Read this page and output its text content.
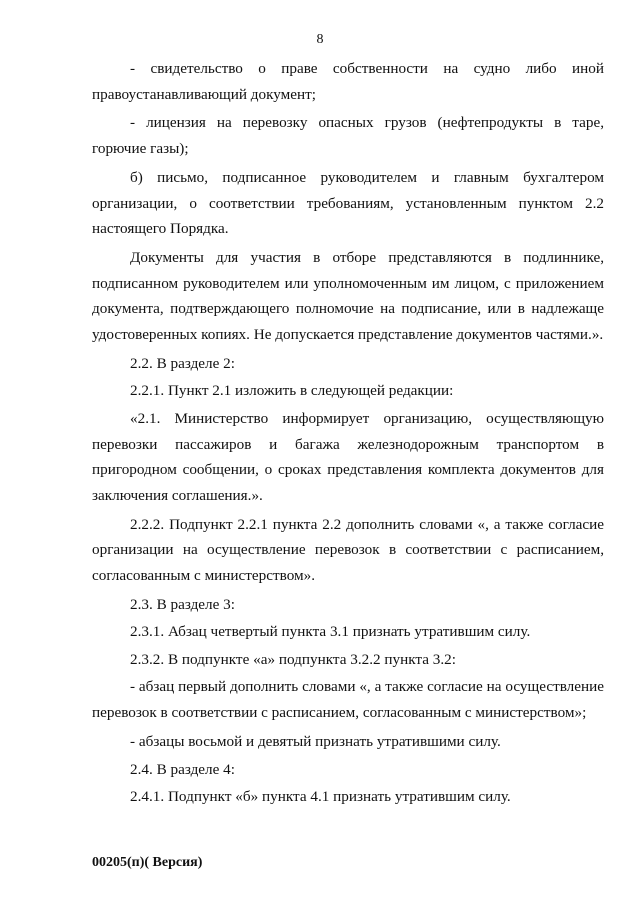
8

- свидетельство о праве собственности на судно либо иной правоустанавливающий документ;

- лицензия на перевозку опасных грузов (нефтепродукты в таре, горючие газы);

б) письмо, подписанное руководителем и главным бухгалтером организации, о соответствии требованиям, установленным пунктом 2.2 настоящего Порядка.

Документы для участия в отборе представляются в подлиннике, подписанном руководителем или уполномоченным им лицом, с приложением документа, подтверждающего полномочие на подписание, или в надлежаще удостоверенных копиях. Не допускается представление документов частями.».

2.2. В разделе 2:

2.2.1. Пункт 2.1 изложить в следующей редакции:

«2.1. Министерство информирует организацию, осуществляющую перевозки пассажиров и багажа железнодорожным транспортом в пригородном сообщении, о сроках представления комплекта документов для заключения соглашения.».

2.2.2. Подпункт 2.2.1 пункта 2.2 дополнить словами «, а также согласие организации на осуществление перевозок в соответствии с расписанием, согласованным с министерством».

2.3. В разделе 3:

2.3.1. Абзац четвертый пункта 3.1 признать утратившим силу.

2.3.2. В подпункте «а» подпункта 3.2.2 пункта 3.2:

- абзац первый дополнить словами «, а также согласие на осуществление перевозок в соответствии с расписанием, согласованным с министерством»;

- абзацы восьмой и девятый признать утратившими силу.

2.4. В разделе 4:

2.4.1. Подпункт «б» пункта 4.1 признать утратившим силу.

00205(п)( Версия)
